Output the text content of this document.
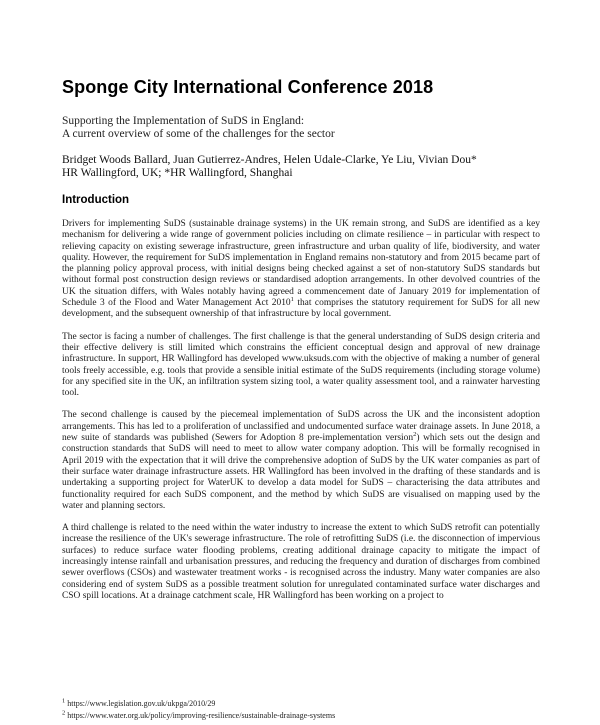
Sponge City International Conference 2018
Supporting the Implementation of SuDS in England:
A current overview of some of the challenges for the sector
Bridget Woods Ballard, Juan Gutierrez-Andres, Helen Udale-Clarke, Ye Liu, Vivian Dou*
HR Wallingford, UK; *HR Wallingford, Shanghai
Introduction

Drivers for implementing SuDS (sustainable drainage systems) in the UK remain strong, and SuDS are identified as a key mechanism for delivering a wide range of government policies including on climate resilience – in particular with respect to relieving capacity on existing sewerage infrastructure, green infrastructure and urban quality of life, biodiversity, and water quality. However, the requirement for SuDS implementation in England remains non-statutory and from 2015 became part of the planning policy approval process, with initial designs being checked against a set of non-statutory SuDS standards but without formal post construction design reviews or standardised adoption arrangements. In other devolved countries of the UK the situation differs, with Wales notably having agreed a commencement date of January 2019 for implementation of Schedule 3 of the Flood and Water Management Act 2010$^1$ that comprises the statutory requirement for SuDS for all new development, and the subsequent ownership of that infrastructure by local government.

The sector is facing a number of challenges. The first challenge is that the general understanding of SuDS design criteria and their effective delivery is still limited which constrains the efficient conceptual design and approval of new drainage infrastructure. In support, HR Wallingford has developed www.uksuds.com with the objective of making a number of general tools freely accessible, e.g. tools that provide a sensible initial estimate of the SuDS requirements (including storage volume) for any specified site in the UK, an infiltration system sizing tool, a water quality assessment tool, and a rainwater harvesting tool.

The second challenge is caused by the piecemeal implementation of SuDS across the UK and the inconsistent adoption arrangements. This has led to a proliferation of unclassified and undocumented surface water drainage assets. In June 2018, a new suite of standards was published (Sewers for Adoption 8 pre-implementation version$^2$) which sets out the design and construction standards that SuDS will need to meet to allow water company adoption. This will be formally recognised in April 2019 with the expectation that it will drive the comprehensive adoption of SuDS by the UK water companies as part of their surface water drainage infrastructure assets. HR Wallingford has been involved in the drafting of these standards and is undertaking a supporting project for WaterUK to develop a data model for SuDS – characterising the data attributes and functionality required for each SuDS component, and the method by which SuDS are visualised on mapping used by the water and planning sectors.

A third challenge is related to the need within the water industry to increase the extent to which SuDS retrofit can potentially increase the resilience of the UK's sewerage infrastructure. The role of retrofitting SuDS (i.e. the disconnection of impervious surfaces) to reduce surface water flooding problems, creating additional drainage capacity to mitigate the impact of increasingly intense rainfall and urbanisation pressures, and reducing the frequency and duration of discharges from combined sewer overflows (CSOs) and wastewater treatment works - is recognised across the industry. Many water companies are also considering end of system SuDS as a possible treatment solution for unregulated contaminated surface water discharges and CSO spill locations. At a drainage catchment scale, HR Wallingford has been working on a project to

$^1$ https://www.legislation.gov.uk/ukpga/2010/29
$^2$ https://www.water.org.uk/policy/improving-resilience/sustainable-drainage-systems
